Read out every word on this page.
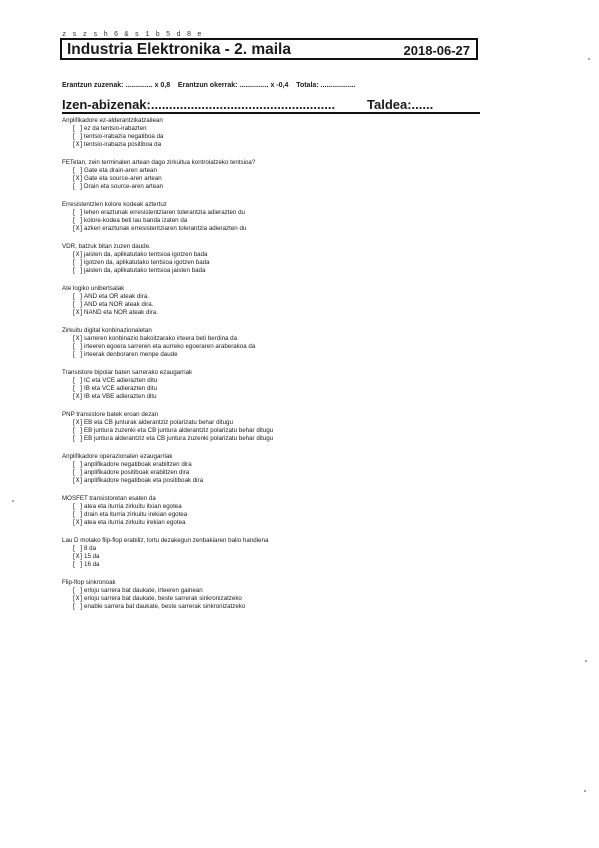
z s z s h 6 & s 1 b 5 d 8 e
Industria Elektronika - 2. maila	2018-06-27
Erantzun zuzenak: .............. x 0,8 Erantzun okerrak: ............... x -0,4 Totala: ..................
Izen-abizenak:................................................... Taldea:......
Anplifikadore ez-alderantzikatzailean
[ ]ez da tentsio-irabazten
[ ]tentsio-irabazia negatiboa da
[X]tentsio-irabazia positiboa da
FETetan, zein terminalen artean dago zirkuitua kontrolatzeko tentsioa?
[ ]Gate eta drain-aren artean
[X]Gate eta source-aren artean
[ ]Drain eta source-aren artean
Erresistentzien kolore kodeak aztertuz
[ ]lehen eraztunak erresistentziaren tolerantzia adierazten du
[ ]kolore-kodea beti lau banda izaten da
[X]azken eraztunak erresistentziaren tolerantzia adierazten du
VDR, batzuk bitan zuzen daude.
[X]jaisten da, aplikatutako tentsioa igotzen bada
[ ]igotzen da, aplikatutako tentsioa igotzen bada
[ ]jaisten da, aplikatutako tentsioa jaisten bada
Ate logiko unibertsalak
[ ]AND eta OR ateak dira.
[ ]AND eta NOR ateak dira.
[X]NAND eta NOR ateak dira.
Zirkuitu digital konbinazionaletan
[X]sarreren konbinazio bakoitzarako irteera beti berdina da
[ ]irteeren egoera sarreren eta aurreko egoeraren araberakoa da
[ ]irteerak denboraren menpe daude
Transistore bipolar baten sarrerako ezaugarriak
[ ]IC eta VCE adierazten ditu
[ ]IB eta VCE adierazten ditu
[X]IB eta VBE adierazten ditu
PNP transistore batek eroan dezan
[X]EB eta CB junturak alderantziz polarizatu behar ditugu
[ ]EB juntura zuzenki eta CB juntura alderantziz polarizatu behar ditugu
[ ]EB juntura alderantziz eta CB juntura zuzenki polarizatu behar ditugu
Anplifikadore operazionalen ezaugarriak
[ ]anplifikadore negatiboak erabiltzen dira
[ ]anplifikadore positiboak erabiltzen dira
[X]anplifikadore negatiboak eta positiboak dira
MOSFET transistoretan esaten da
[ ]atea eta iturria zirkuitu itxian egotea
[ ]drain eta iturria zirkuitu irekian egotea
[X]atea eta iturria zirkuitu irekian egotea
Lau D motako flip-flop erabiliz, lortu dezakegun zenbakiaren balio handiena
[ ]8 da
[X]15 da
[ ]16 da
Flip-flop sinkronoak
[ ]erloju sarrera bat daukate, irteeren gainean
[X]erloju sarrera bat daukate, beste sarrerak sinkronizatzeko
[ ]enable sarrera bat daukate, beste sarrerak sinkronizatzeko
